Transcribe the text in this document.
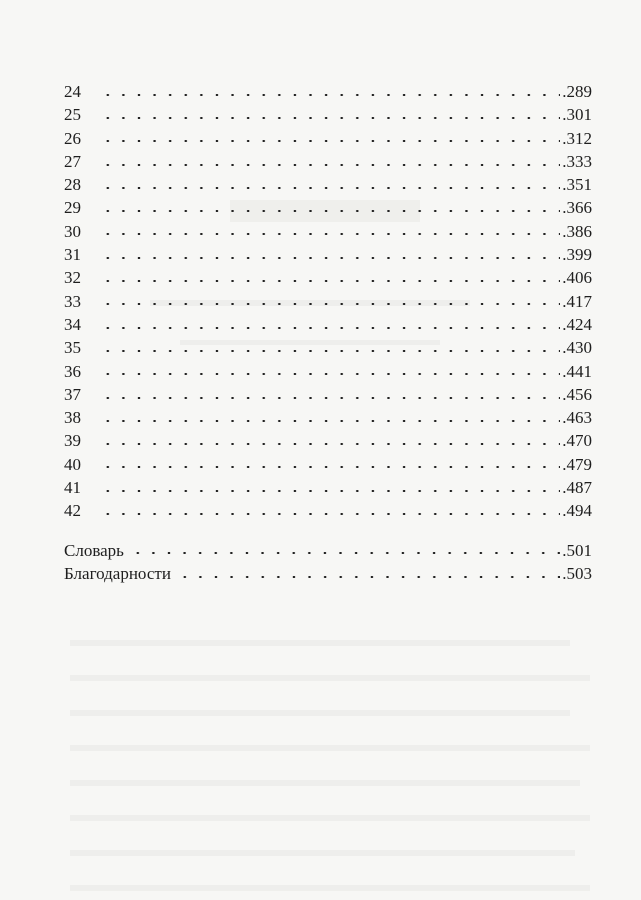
24	.289
25	.301
26	.312
27	.333
28	.351
29	.366
30	.386
31	.399
32	.406
33	.417
34	.424
35	.430
36	.441
37	.456
38	.463
39	.470
40	.479
41	.487
42	.494
Словарь	.501
Благодарности	.503
